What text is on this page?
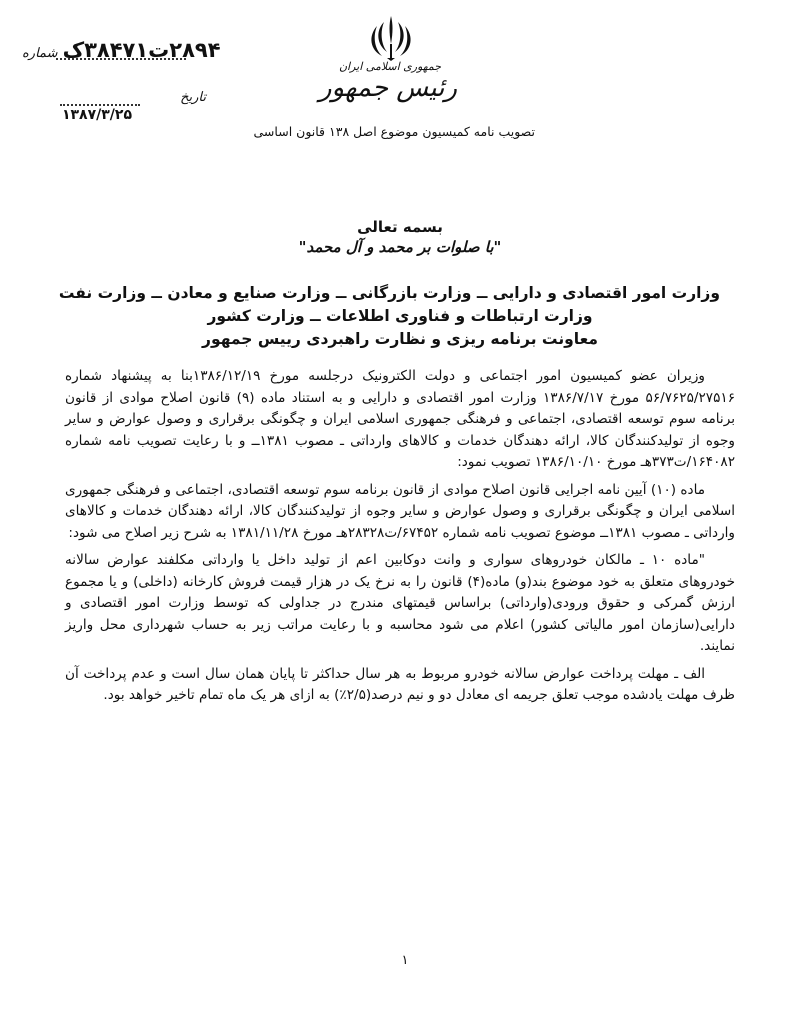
جمهوری اسلامی ایران
رئیس جمهور
۲۸۹۴ت۳۸۴۷۱ک شماره
تاریخ
۱۳۸۷/۳/۲۵
تصویب نامه کمیسیون موضوع اصل ۱۳۸ قانون اساسی
بسمه تعالی
"با صلوات بر محمد و آل محمد"
وزارت امور اقتصادی و دارایی ــ وزارت بازرگانی ــ وزارت صنایع و معادن ــ وزارت نفت
وزارت ارتباطات و فناوری اطلاعات ــ وزارت کشور
معاونت برنامه ریزی و نظارت راهبردی رییس جمهور

وزیران عضو کمیسیون امور اجتماعی و دولت الکترونیک درجلسه مورخ ۱۳۸۶/۱۲/۱۹بنا به پیشنهاد شماره ۵۶/۷۶۲۵/۲۷۵۱۶ مورخ ۱۳۸۶/۷/۱۷ وزارت امور اقتصادی و دارایی و به استناد ماده (۹) قانون اصلاح موادی از قانون برنامه سوم توسعه اقتصادی، اجتماعی و فرهنگی جمهوری اسلامی ایران و چگونگی برقراری و وصول عوارض و سایر وجوه از تولیدکنندگان کالا، ارائه دهندگان خدمات و کالاهای وارداتی ـ مصوب ۱۳۸۱ــ و با رعایت تصویب نامه شماره ۱۶۴۰۸۲/ت۳۷۳هـ مورخ ۱۳۸۶/۱۰/۱۰ تصویب نمود:

ماده (۱۰) آیین نامه اجرایی قانون اصلاح موادی از قانون برنامه سوم توسعه اقتصادی، اجتماعی و فرهنگی جمهوری اسلامی ایران و چگونگی برقراری و وصول عوارض و سایر وجوه از تولیدکنندگان کالا، ارائه دهندگان خدمات و کالاهای وارداتی ـ مصوب ۱۳۸۱ــ موضوع تصویب نامه شماره ۶۷۴۵۲/ت۲۸۳۲۸هـ مورخ ۱۳۸۱/۱۱/۲۸ به شرح زیر اصلاح می شود:

"ماده ۱۰ ـ مالکان خودروهای سواری و وانت دوکابین اعم از تولید داخل یا وارداتی مکلفند عوارض سالانه خودروهای متعلق به خود موضوع بند(و) ماده(۴) قانون را به نرخ یک در هزار قیمت فروش کارخانه (داخلی) و یا مجموع ارزش گمرکی و حقوق ورودی(وارداتی) براساس قیمتهای مندرج در جداولی که توسط وزارت امور اقتصادی و دارایی(سازمان امور مالیاتی کشور) اعلام می شود محاسبه و با رعایت مراتب زیر به حساب شهرداری محل واریز نمایند.

الف ـ مهلت پرداخت عوارض سالانه خودرو مربوط به هر سال حداکثر تا پایان همان سال است و عدم پرداخت آن ظرف مهلت یادشده موجب تعلق جریمه ای معادل دو و نیم درصد(۲/۵٪) به ازای هر یک ماه تمام تاخیر خواهد بود.

۱
